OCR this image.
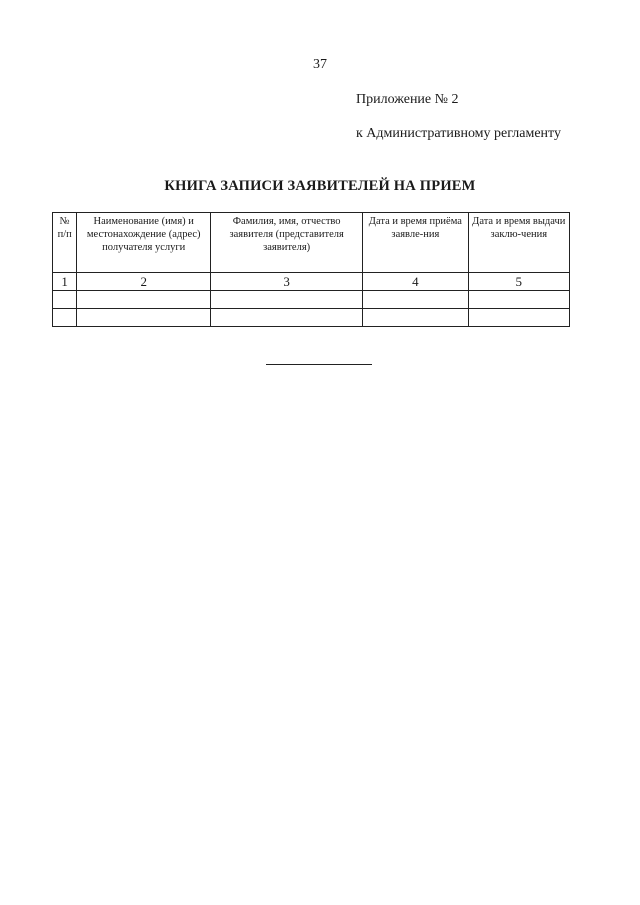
37
Приложение № 2
к Административному регламенту
КНИГА ЗАПИСИ ЗАЯВИТЕЛЕЙ НА ПРИЕМ
№ п/п	Наименование (имя) и местонахождение (адрес) получателя услуги	Фамилия, имя, отчество заявителя (представителя заявителя)	Дата и время приёма заявле-ния	Дата и время выдачи заклю-чения
1	2	3	4	5
